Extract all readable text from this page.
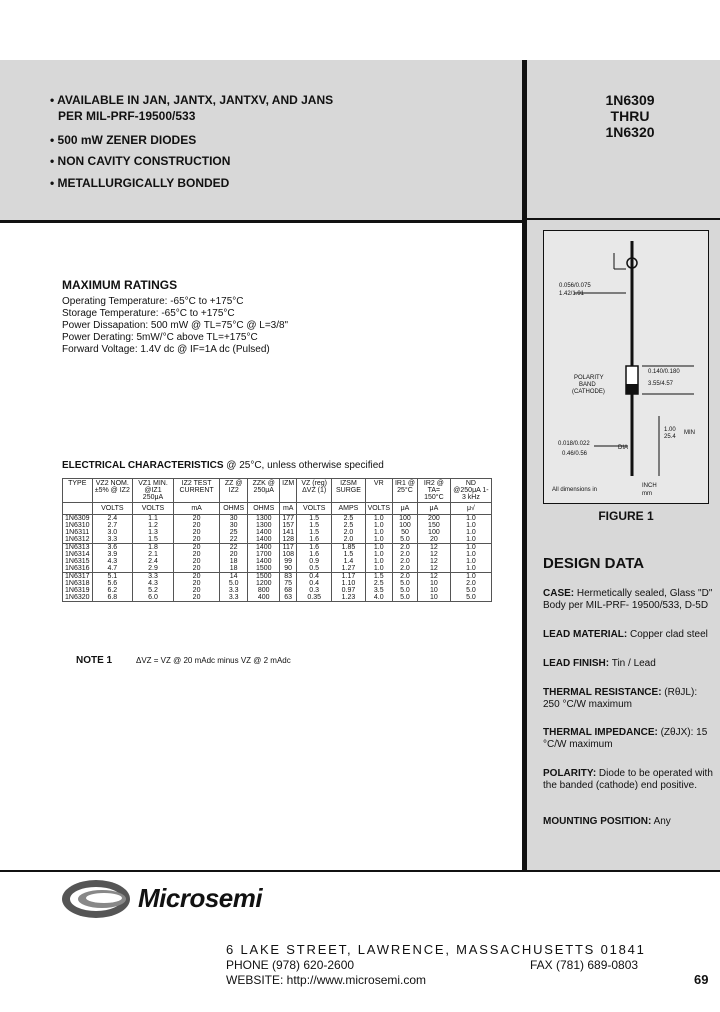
• AVAILABLE IN JAN, JANTX, JANTXV, AND JANS
PER MIL-PRF-19500/533
• 500 mW ZENER DIODES
• NON CAVITY CONSTRUCTION
• METALLURGICALLY BONDED
1N6309
THRU
1N6320
MAXIMUM RATINGS
Operating Temperature: -65°C to +175°C
Storage Temperature: -65°C to +175°C
Power Dissapation: 500 mW @ TL=75°C @ L=3/8"
Power Derating: 5mW/°C above TL=+175°C
Forward Voltage: 1.4V dc @ IF=1A dc (Pulsed)
ELECTRICAL CHARACTERISTICS @ 25°C, unless otherwise specified
TYPE	VZ2 NOM. ±5% @ IZ2	VZ1 MIN. @IZ1 250μA	IZ2 TEST CURRENT	ZZ @ IZ2	ZZK @ 250μA	IZM	VZ (reg) ΔVZ (1)	IZSM SURGE	VR	IR1 @ 25°C	IR2 @ TA= 150°C	ND @250μA 1-3 kHz
	VOLTS	VOLTS	mA	OHMS	OHMS	mA	VOLTS	AMPS	VOLTS	μA	μA	μ√
1N6309	2.4	1.1	20	30	1300	177	1.5	2.5	1.0	100	200	1.0
1N6310	2.7	1.2	20	30	1300	157	1.5	2.5	1.0	100	150	1.0
1N6311	3.0	1.3	20	25	1400	141	1.5	2.0	1.0	50	100	1.0
1N6312	3.3	1.5	20	22	1400	128	1.6	2.0	1.0	5.0	20	1.0
1N6313	3.6	1.8	20	22	1400	117	1.6	1.85	1.0	2.0	12	1.0
1N6314	3.9	2.1	20	20	1700	108	1.6	1.5	1.0	2.0	12	1.0
1N6315	4.3	2.4	20	18	1400	99	0.9	1.4	1.0	2.0	12	1.0
1N6316	4.7	2.9	20	18	1500	90	0.5	1.27	1.0	2.0	12	1.0
1N6317	5.1	3.3	20	14	1500	83	0.4	1.17	1.5	2.0	12	1.0
1N6318	5.6	4.3	20	5.0	1200	75	0.4	1.10	2.5	5.0	10	2.0
1N6319	6.2	5.2	20	3.3	800	68	0.3	0.97	3.5	5.0	10	5.0
1N6320	6.8	6.0	20	3.3	400	63	0.35	1.23	4.0	5.0	10	5.0
NOTE 1	ΔVZ = VZ @ 20 mAdc minus VZ @ 2 mAdc
0.056/0.075
1.42/1.91
POLARITY
BAND
(CATHODE)
0.140/0.180
3.55/4.57
1.00
25.4
MIN
0.018/0.022
0.46/0.56
DIA
INCH
mm
All dimensions in
FIGURE 1
DESIGN DATA
CASE: Hermetically sealed, Glass "D" Body per MIL-PRF- 19500/533, D-5D
LEAD MATERIAL: Copper clad steel
LEAD FINISH: Tin / Lead
THERMAL RESISTANCE: (RθJL): 250 °C/W maximum
THERMAL IMPEDANCE: (ZθJX): 15 °C/W maximum
POLARITY: Diode to be operated with the banded (cathode) end positive.
MOUNTING POSITION: Any
Microsemi
6 LAKE STREET, LAWRENCE, MASSACHUSETTS 01841
PHONE (978) 620-2600	FAX (781) 689-0803
WEBSITE: http://www.microsemi.com	69
